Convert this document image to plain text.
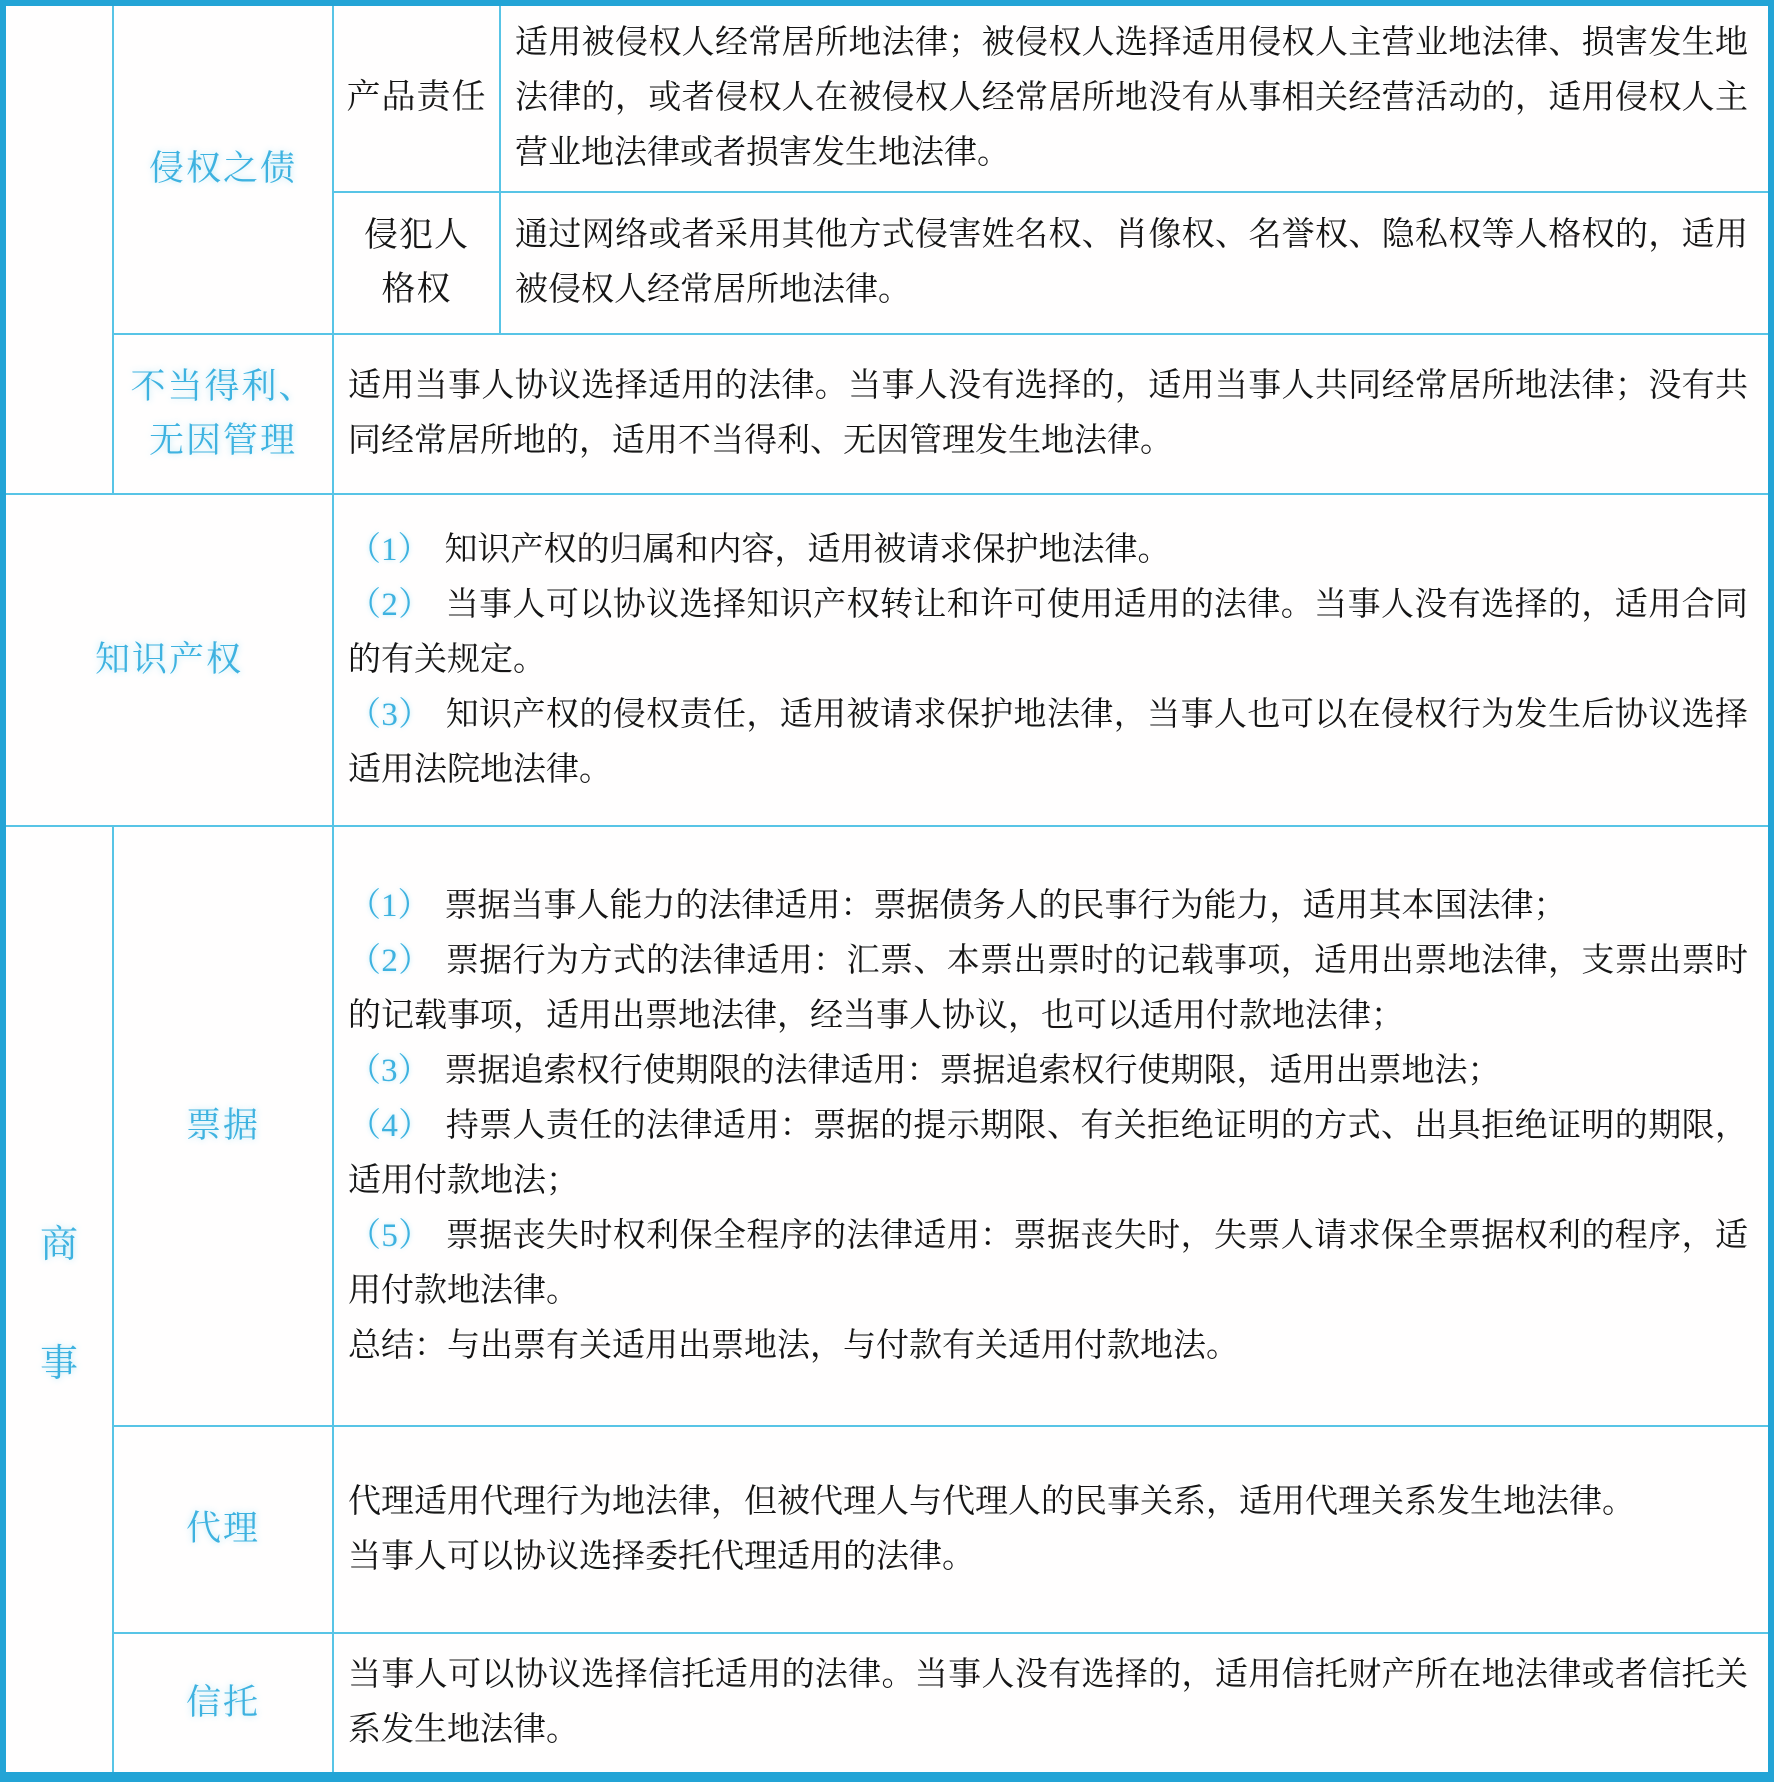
侵权之债
产品责任
适用被侵权人经常居所地法律；被侵权人选择适用侵权人主营业地法律、损害发生地法律的，或者侵权人在被侵权人经常居所地没有从事相关经营活动的，适用侵权人主营业地法律或者损害发生地法律。
侵犯人
格权
通过网络或者采用其他方式侵害姓名权、肖像权、名誉权、隐私权等人格权的，适用被侵权人经常居所地法律。
不当得利、
无因管理
适用当事人协议选择适用的法律。当事人没有选择的，适用当事人共同经常居所地法律；没有共同经常居所地的，适用不当得利、无因管理发生地法律。
知识产权
（1） 知识产权的归属和内容，适用被请求保护地法律。
（2） 当事人可以协议选择知识产权转让和许可使用适用的法律。当事人没有选择的，适用合同的有关规定。
（3） 知识产权的侵权责任，适用被请求保护地法律，当事人也可以在侵权行为发生后协议选择适用法院地法律。
商
事
票据
（1） 票据当事人能力的法律适用：票据债务人的民事行为能力，适用其本国法律；
（2） 票据行为方式的法律适用：汇票、本票出票时的记载事项，适用出票地法律，支票出票时的记载事项，适用出票地法律，经当事人协议，也可以适用付款地法律；
（3） 票据追索权行使期限的法律适用：票据追索权行使期限，适用出票地法；
（4） 持票人责任的法律适用：票据的提示期限、有关拒绝证明的方式、出具拒绝证明的期限，适用付款地法；
（5） 票据丧失时权利保全程序的法律适用：票据丧失时，失票人请求保全票据权利的程序，适用付款地法律。
总结：与出票有关适用出票地法，与付款有关适用付款地法。
代理
代理适用代理行为地法律，但被代理人与代理人的民事关系，适用代理关系发生地法律。
当事人可以协议选择委托代理适用的法律。
信托
当事人可以协议选择信托适用的法律。当事人没有选择的，适用信托财产所在地法律或者信托关系发生地法律。
